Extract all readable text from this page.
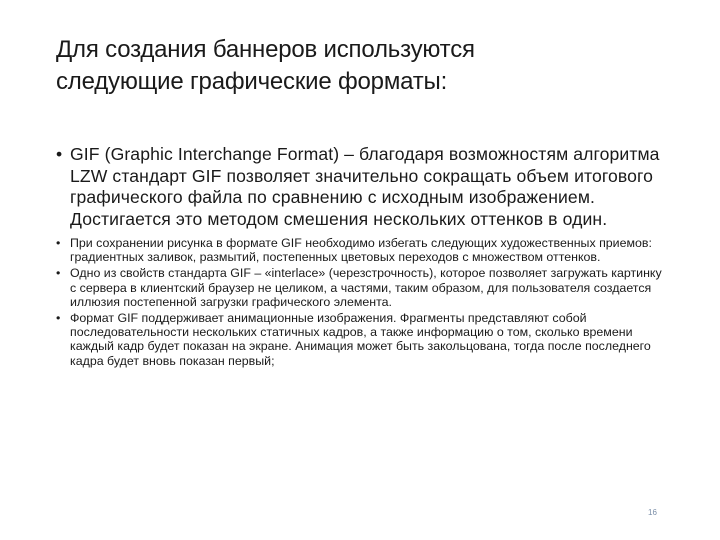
Для создания баннеров используются
следующие графические форматы:
• GIF (Graphic Interchange Format) – благодаря возможностям алгоритма LZW стандарт GIF позволяет значительно сокращать объем итогового графического файла по сравнению с исходным изображением. Достигается это методом смешения нескольких оттенков в один.
• При сохранении рисунка в формате GIF необходимо избегать следующих художественных приемов: градиентных заливок, размытий, постепенных цветовых переходов с множеством оттенков.
• Одно из свойств стандарта GIF – «interlace» (черезстрочность), которое позволяет загружать картинку с сервера в клиентский браузер не целиком, а частями, таким образом, для пользователя создается иллюзия постепенной загрузки графического элемента.
• Формат GIF поддерживает анимационные изображения. Фрагменты представляют собой последовательности нескольких статичных кадров, а также информацию о том, сколько времени каждый кадр будет показан на экране. Анимация может быть закольцована, тогда после последнего кадра будет вновь показан первый;
16
